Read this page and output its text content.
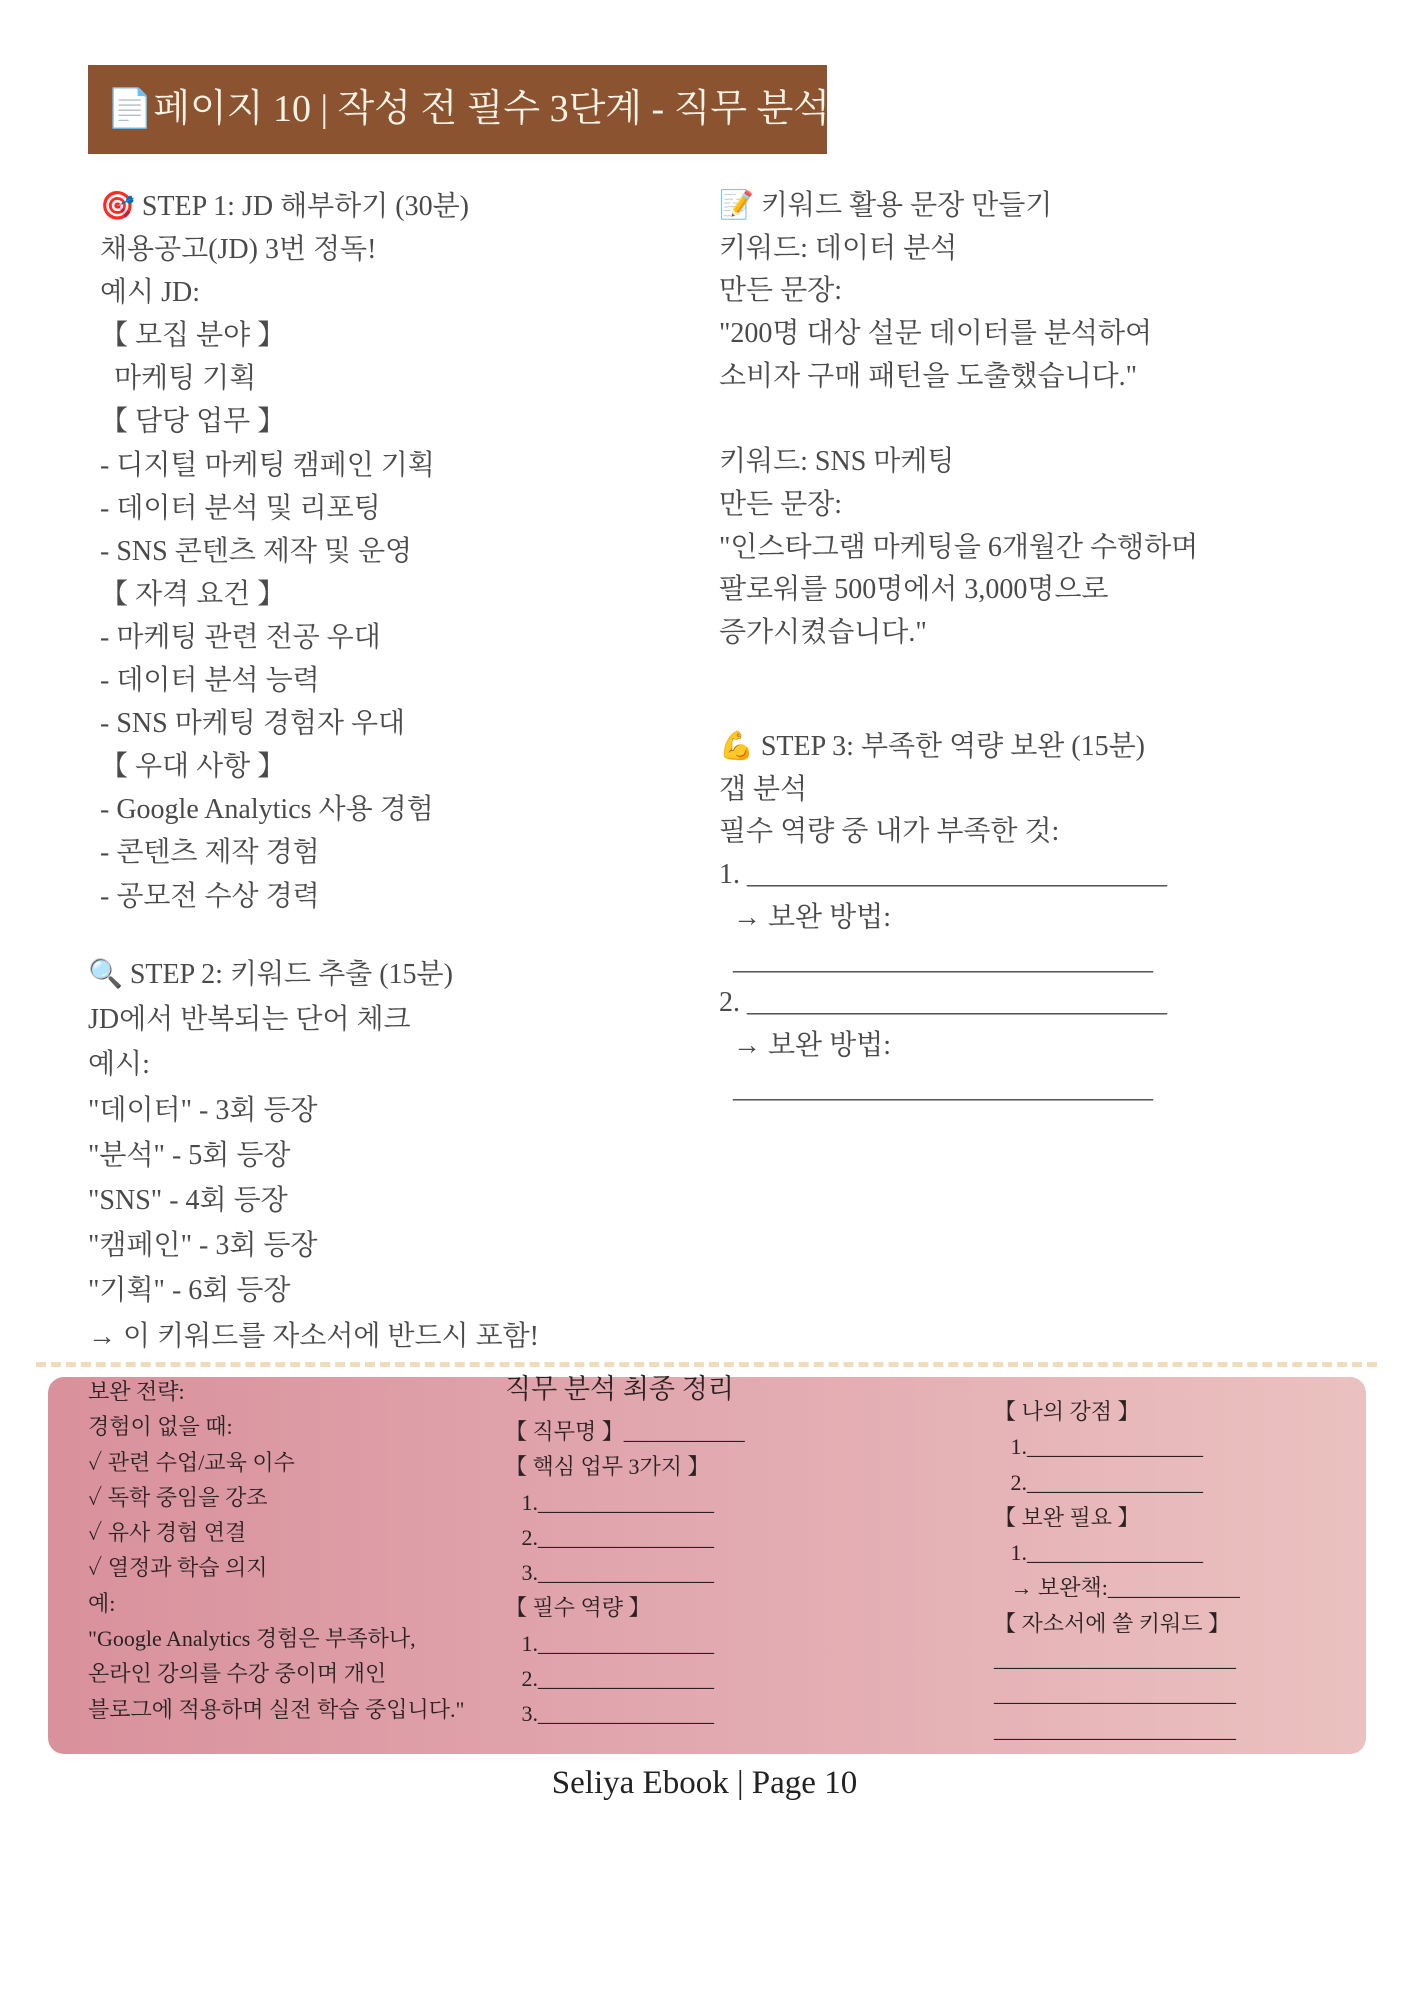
📄페이지 10 | 작성 전 필수 3단계 - 직무 분석
🎯 STEP 1: JD 해부하기 (30분)
채용공고(JD) 3번 정독!
예시 JD:
【 모집 분야 】
마케팅 기획
【 담당 업무 】
- 디지털 마케팅 캠페인 기획
- 데이터 분석 및 리포팅
- SNS 콘텐츠 제작 및 운영
【 자격 요건 】
- 마케팅 관련 전공 우대
- 데이터 분석 능력
- SNS 마케팅 경험자 우대
【 우대 사항 】
- Google Analytics 사용 경험
- 콘텐츠 제작 경험
- 공모전 수상 경력
🔍 STEP 2: 키워드 추출 (15분)
JD에서 반복되는 단어 체크
예시:
"데이터" - 3회 등장
"분석" - 5회 등장
"SNS" - 4회 등장
"캠페인" - 3회 등장
"기획" - 6회 등장
→ 이 키워드를 자소서에 반드시 포함!
📝 키워드 활용 문장 만들기
키워드: 데이터 분석
만든 문장:
"200명 대상 설문 데이터를 분석하여
소비자 구매 패턴을 도출했습니다."

키워드: SNS 마케팅
만든 문장:
"인스타그램 마케팅을 6개월간 수행하며
팔로워를 500명에서 3,000명으로
증가시켰습니다."
💪 STEP 3: 부족한 역량 보완 (15분)
갭 분석
필수 역량 중 내가 부족한 것:
1. ______________________________
→ 보완 방법:
______________________________
2. ______________________________
→ 보완 방법:
______________________________
보완 전략:
경험이 없을 때:
✓ 관련 수업/교육 이수
✓ 독학 중임을 강조
✓ 유사 경험 연결
✓ 열정과 학습 의지
예:
"Google Analytics 경험은 부족하나,
온라인 강의를 수강 중이며 개인
블로그에 적용하며 실전 학습 중입니다."
직무 분석 최종 정리
【 직무명 】___________
【 핵심 업무 3가지 】
1.________________
2.________________
3.________________
【 필수 역량 】
1.________________
2.________________
3.________________
【 나의 강점 】
1.________________
2.________________
【 보완 필요 】
1.________________
→ 보완책:____________
【 자소서에 쓸 키워드 】
______________________
______________________
______________________
Seliya Ebook | Page 10
